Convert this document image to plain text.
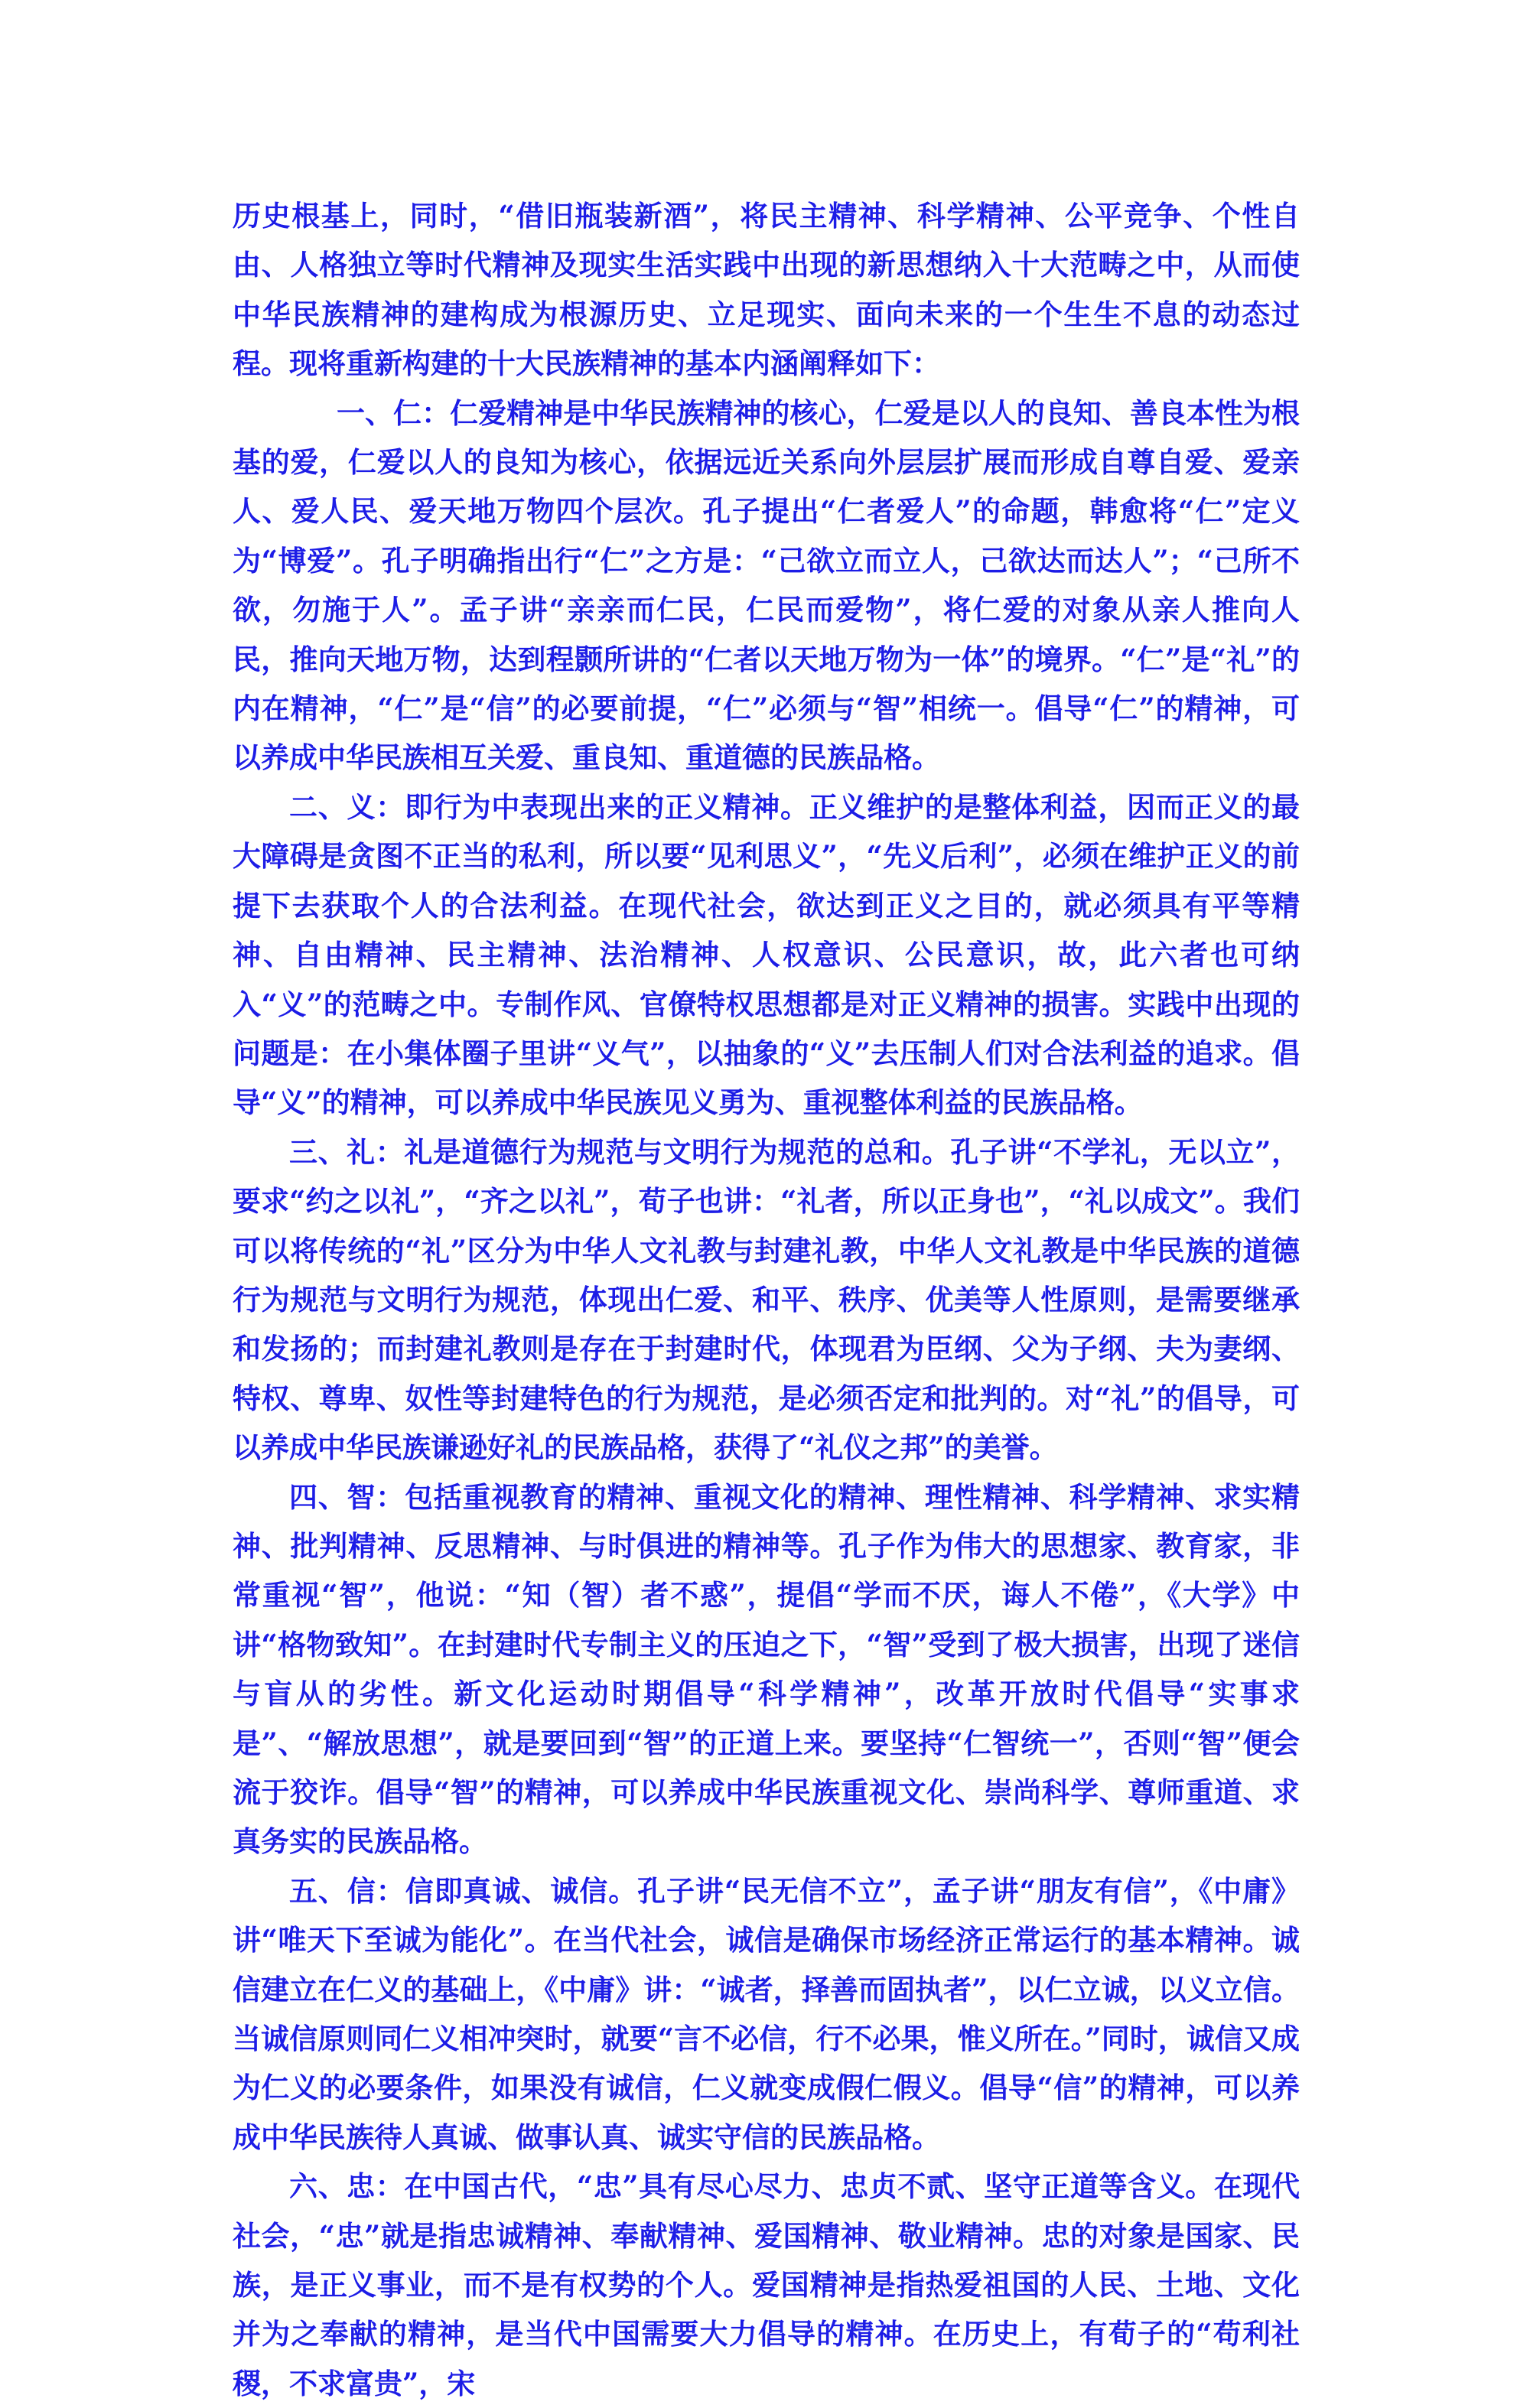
历史根基上，同时，“借旧瓶装新酒”，将民主精神、科学精神、公平竞争、个性自由、人格独立等时代精神及现实生活实践中出现的新思想纳入十大范畴之中，从而使中华民族精神的建构成为根源历史、立足现实、面向未来的一个生生不息的动态过程。现将重新构建的十大民族精神的基本内涵阐释如下：

一、仁：仁爱精神是中华民族精神的核心，仁爱是以人的良知、善良本性为根基的爱，仁爱以人的良知为核心，依据远近关系向外层层扩展而形成自尊自爱、爱亲人、爱人民、爱天地万物四个层次。孔子提出“仁者爱人”的命题，韩愈将“仁”定义为“博爱”。孔子明确指出行“仁”之方是：“己欲立而立人，己欲达而达人”；“己所不欲，勿施于人”。孟子讲“亲亲而仁民，仁民而爱物”，将仁爱的对象从亲人推向人民，推向天地万物，达到程颢所讲的“仁者以天地万物为一体”的境界。“仁”是“礼”的内在精神，“仁”是“信”的必要前提，“仁”必须与“智”相统一。倡导“仁”的精神，可以养成中华民族相互关爱、重良知、重道德的民族品格。

二、义：即行为中表现出来的正义精神。正义维护的是整体利益，因而正义的最大障碍是贪图不正当的私利，所以要“见利思义”，“先义后利”，必须在维护正义的前提下去获取个人的合法利益。在现代社会，欲达到正义之目的，就必须具有平等精神、自由精神、民主精神、法治精神、人权意识、公民意识，故，此六者也可纳入“义”的范畴之中。专制作风、官僚特权思想都是对正义精神的损害。实践中出现的问题是：在小集体圈子里讲“义气”，以抽象的“义”去压制人们对合法利益的追求。倡导“义”的精神，可以养成中华民族见义勇为、重视整体利益的民族品格。

三、礼：礼是道德行为规范与文明行为规范的总和。孔子讲“不学礼，无以立”，要求“约之以礼”，“齐之以礼”，荀子也讲：“礼者，所以正身也”，“礼以成文”。我们可以将传统的“礼”区分为中华人文礼教与封建礼教，中华人文礼教是中华民族的道德行为规范与文明行为规范，体现出仁爱、和平、秩序、优美等人性原则，是需要继承和发扬的；而封建礼教则是存在于封建时代，体现君为臣纲、父为子纲、夫为妻纲、特权、尊卑、奴性等封建特色的行为规范，是必须否定和批判的。对“礼”的倡导，可以养成中华民族谦逊好礼的民族品格，获得了“礼仪之邦”的美誉。

四、智：包括重视教育的精神、重视文化的精神、理性精神、科学精神、求实精神、批判精神、反思精神、与时俱进的精神等。孔子作为伟大的思想家、教育家，非常重视“智”，他说：“知（智）者不惑”，提倡“学而不厌，诲人不倦”，《大学》中讲“格物致知”。在封建时代专制主义的压迫之下，“智”受到了极大损害，出现了迷信与盲从的劣性。新文化运动时期倡导“科学精神”，改革开放时代倡导“实事求是”、“解放思想”，就是要回到“智”的正道上来。要坚持“仁智统一”，否则“智”便会流于狡诈。倡导“智”的精神，可以养成中华民族重视文化、崇尚科学、尊师重道、求真务实的民族品格。

五、信：信即真诚、诚信。孔子讲“民无信不立”，孟子讲“朋友有信”，《中庸》讲“唯天下至诚为能化”。在当代社会，诚信是确保市场经济正常运行的基本精神。诚信建立在仁义的基础上，《中庸》讲：“诚者，择善而固执者”，以仁立诚，以义立信。当诚信原则同仁义相冲突时，就要“言不必信，行不必果，惟义所在。”同时，诚信又成为仁义的必要条件，如果没有诚信，仁义就变成假仁假义。倡导“信”的精神，可以养成中华民族待人真诚、做事认真、诚实守信的民族品格。

六、忠：在中国古代，“忠”具有尽心尽力、忠贞不贰、坚守正道等含义。在现代社会，“忠”就是指忠诚精神、奉献精神、爱国精神、敬业精神。忠的对象是国家、民族，是正义事业，而不是有权势的个人。爱国精神是指热爱祖国的人民、土地、文化并为之奉献的精神，是当代中国需要大力倡导的精神。在历史上，有荀子的“苟利社稷，不求富贵”，宋
